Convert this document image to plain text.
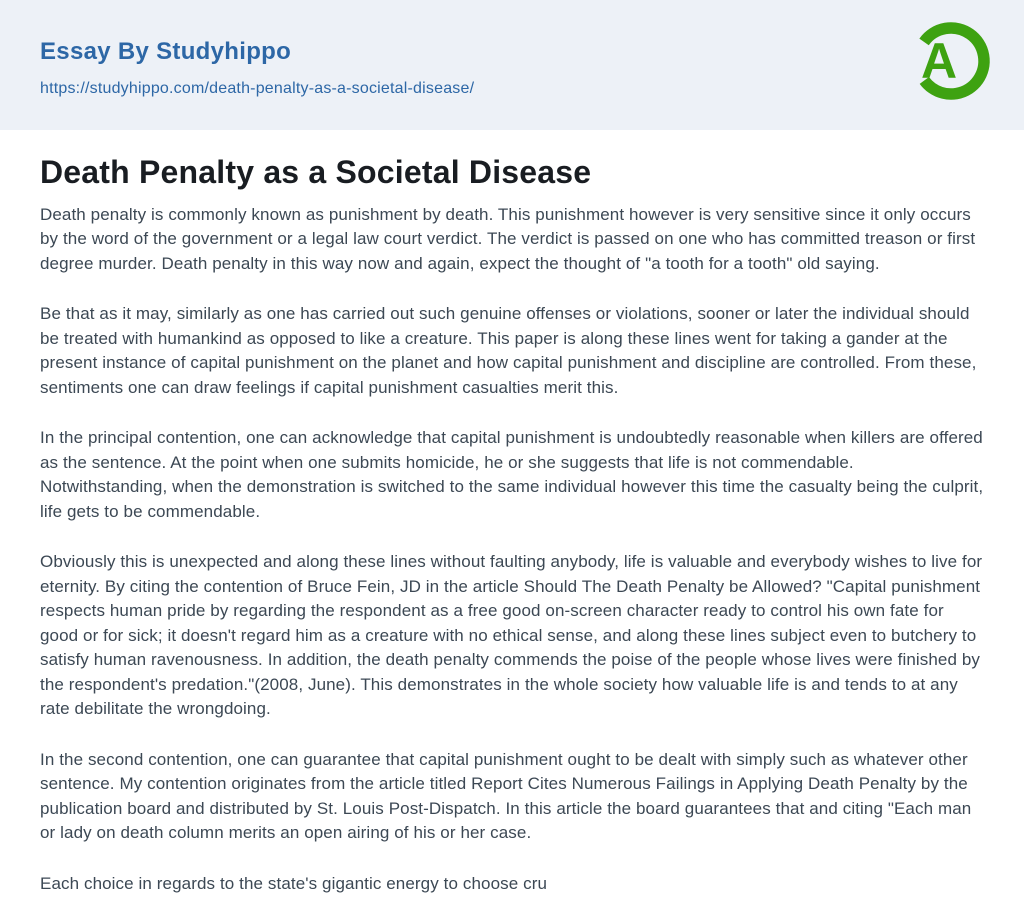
Essay By Studyhippo
https://studyhippo.com/death-penalty-as-a-societal-disease/	A
Death Penalty as a Societal Disease

Death penalty is commonly known as punishment by death. This punishment however is very sensitive since it only occurs by the word of the government or a legal law court verdict. The verdict is passed on one who has committed treason or first degree murder. Death penalty in this way now and again, expect the thought of "a tooth for a tooth" old saying.

Be that as it may, similarly as one has carried out such genuine offenses or violations, sooner or later the individual should be treated with humankind as opposed to like a creature. This paper is along these lines went for taking a gander at the present instance of capital punishment on the planet and how capital punishment and discipline are controlled. From these, sentiments one can draw feelings if capital punishment casualties merit this.

In the principal contention, one can acknowledge that capital punishment is undoubtedly reasonable when killers are offered as the sentence. At the point when one submits homicide, he or she suggests that life is not commendable. Notwithstanding, when the demonstration is switched to the same individual however this time the casualty being the culprit, life gets to be commendable.

Obviously this is unexpected and along these lines without faulting anybody, life is valuable and everybody wishes to live for eternity. By citing the contention of Bruce Fein, JD in the article Should The Death Penalty be Allowed? "Capital punishment respects human pride by regarding the respondent as a free good on-screen character ready to control his own fate for good or for sick; it doesn't regard him as a creature with no ethical sense, and along these lines subject even to butchery to satisfy human ravenousness. In addition, the death penalty commends the poise of the people whose lives were finished by the respondent's predation."(2008, June). This demonstrates in the whole society how valuable life is and tends to at any rate debilitate the wrongdoing.

In the second contention, one can guarantee that capital punishment ought to be dealt with simply such as whatever other sentence. My contention originates from the article titled Report Cites Numerous Failings in Applying Death Penalty by the publication board and distributed by St. Louis Post-Dispatch. In this article the board guarantees that and citing "Each man or lady on death column merits an open airing of his or her case.

Each choice in regards to the state's gigantic energy to choose cru
